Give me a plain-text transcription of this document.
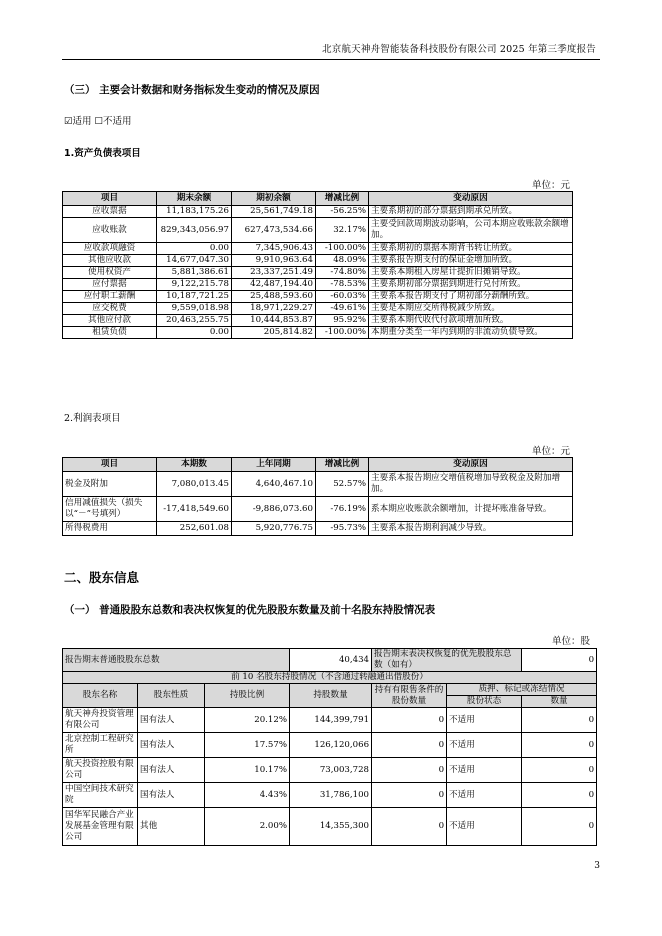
北京航天神舟智能装备科技股份有限公司 2025 年第三季度报告
（三） 主要会计数据和财务指标发生变动的情况及原因
☑适用 ☐不适用
1.资产负债表项目
单位：元
项目	期末余额	期初余额	增减比例	变动原因
应收票据	11,183,175.26	25,561,749.18	-56.25%	主要系期初的部分票据到期承兑所致。
应收账款	829,343,056.97	627,473,534.66	32.17%	主要受回款周期波动影响，公司本期应收账款余额增加。
应收款项融资	0.00	7,345,906.43	-100.00%	主要系期初的票据本期背书转让所致。
其他应收款	14,677,047.30	9,910,963.64	48.09%	主要系报告期支付的保证金增加所致。
使用权资产	5,881,386.61	23,337,251.49	-74.80%	主要系本期租入房屋计提折旧摊销导致。
应付票据	9,122,215.78	42,487,194.40	-78.53%	主要系期初部分票据到期进行兑付所致。
应付职工薪酬	10,187,721.25	25,488,593.60	-60.03%	主要系本报告期支付了期初部分薪酬所致。
应交税费	9,559,018.98	18,971,229.27	-49.61%	主要是本期应交所得税减少所致。
其他应付款	20,463,255.75	10,444,853.87	95.92%	主要系本期代收代付款项增加所致。
租赁负债	0.00	205,814.82	-100.00%	本期重分类至一年内到期的非流动负债导致。
2.利润表项目
单位：元
项目	本期数	上年同期	增减比例	变动原因
税金及附加	7,080,013.45	4,640,467.10	52.57%	主要系本报告期应交增值税增加导致税金及附加增加。
信用减值损失（损失以“－”号填列）	-17,418,549.60	-9,886,073.60	-76.19%	系本期应收账款余额增加，计提坏账准备导致。
所得税费用	252,601.08	5,920,776.75	-95.73%	主要系本报告期利润减少导致。
二、股东信息
（一） 普通股股东总数和表决权恢复的优先股股东数量及前十名股东持股情况表
单位：股
报告期末普通股股东总数			40,434	报告期末表决权恢复的优先股股东总数（如有）		0
前 10 名股东持股情况（不含通过转融通出借股份）						
股东名称	股东性质	持股比例	持股数量	持有有限售条件的股份数量	质押、标记或冻结情况	
					股份状态	数量
航天神舟投资管理有限公司	国有法人	20.12%	144,399,791	0	不适用	0
北京控制工程研究所	国有法人	17.57%	126,120,066	0	不适用	0
航天投资控股有限公司	国有法人	10.17%	73,003,728	0	不适用	0
中国空间技术研究院	国有法人	4.43%	31,786,100	0	不适用	0
国华军民融合产业发展基金管理有限公司	其他	2.00%	14,355,300	0	不适用	0
3
